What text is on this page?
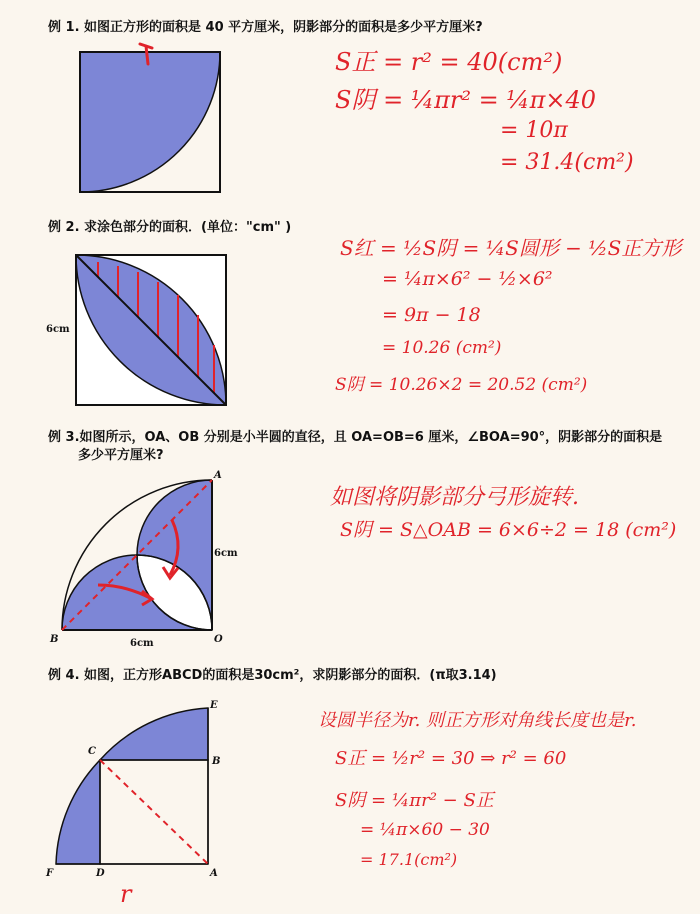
例 1. 如图正方形的面积是 40 平方厘米，阴影部分的面积是多少平方厘米?
S正 = r² = 40(cm²)
S阴 = ¼πr² = ¼π×40
= 10π
= 31.4(cm²)
例 2. 求涂色部分的面积．(单位："cm" )
6cm
S红 = ½S阴 = ¼S圆形 − ½S正方形
= ¼π×6² − ½×6²
= 9π − 18
= 10.26 (cm²)
S阴 = 10.26×2 = 20.52 (cm²)
例 3.如图所示，OA、OB 分别是小半圆的直径，且 OA=OB=6 厘米，∠BOA=90°，阴影部分的面积是
多少平方厘米?
A
B	O
6cm
6cm
如图将阴影部分弓形旋转.
S阴 = S△OAB = 6×6÷2 = 18 (cm²)
例 4. 如图，正方形ABCD的面积是30cm²，求阴影部分的面积．(π取3.14)
E
B
C
F	D	A
r
设圆半径为r. 则正方形对角线长度也是r.
S正 = ½r² = 30 ⇒ r² = 60
S阴 = ¼πr² − S正
= ¼π×60 − 30
= 17.1(cm²)
